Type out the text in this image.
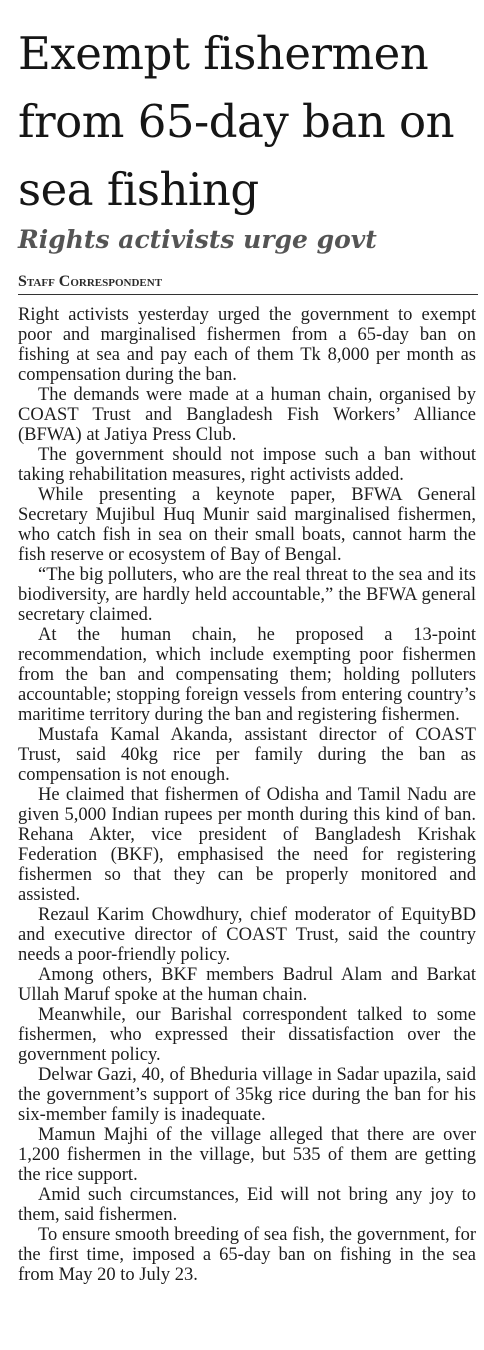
Exempt fishermen from 65-day ban on sea fishing
Rights activists urge govt
Staff Correspondent

Right activists yesterday urged the government to exempt poor and marginalised fishermen from a 65-day ban on fishing at sea and pay each of them Tk 8,000 per month as compensation during the ban.

The demands were made at a human chain, organised by COAST Trust and Bangladesh Fish Workers’ Alliance (BFWA) at Jatiya Press Club.

The government should not impose such a ban without taking rehabilitation measures, right activists added.

While presenting a keynote paper, BFWA General Secretary Mujibul Huq Munir said marginalised fishermen, who catch fish in sea on their small boats, cannot harm the fish reserve or ecosystem of Bay of Bengal.

“The big polluters, who are the real threat to the sea and its biodiversity, are hardly held accountable,” the BFWA general secretary claimed.

At the human chain, he proposed a 13-point recommendation, which include exempting poor fishermen from the ban and compensating them; holding polluters accountable; stopping foreign vessels from entering country’s maritime territory during the ban and registering fishermen.

Mustafa Kamal Akanda, assistant director of COAST Trust, said 40kg rice per family during the ban as compensation is not enough.

He claimed that fishermen of Odisha and Tamil Nadu are given 5,000 Indian rupees per month during this kind of ban. Rehana Akter, vice president of Bangladesh Krishak Federation (BKF), emphasised the need for registering fishermen so that they can be properly monitored and assisted.

Rezaul Karim Chowdhury, chief moderator of EquityBD and executive director of COAST Trust, said the country needs a poor-friendly policy.

Among others, BKF members Badrul Alam and Barkat Ullah Maruf spoke at the human chain.

Meanwhile, our Barishal correspondent talked to some fishermen, who expressed their dissatisfaction over the government policy.

Delwar Gazi, 40, of Bheduria village in Sadar upazila, said the government’s support of 35kg rice during the ban for his six-member family is inadequate.

Mamun Majhi of the village alleged that there are over 1,200 fishermen in the village, but 535 of them are getting the rice support.

Amid such circumstances, Eid will not bring any joy to them, said fishermen.

To ensure smooth breeding of sea fish, the government, for the first time, imposed a 65-day ban on fishing in the sea from May 20 to July 23.
